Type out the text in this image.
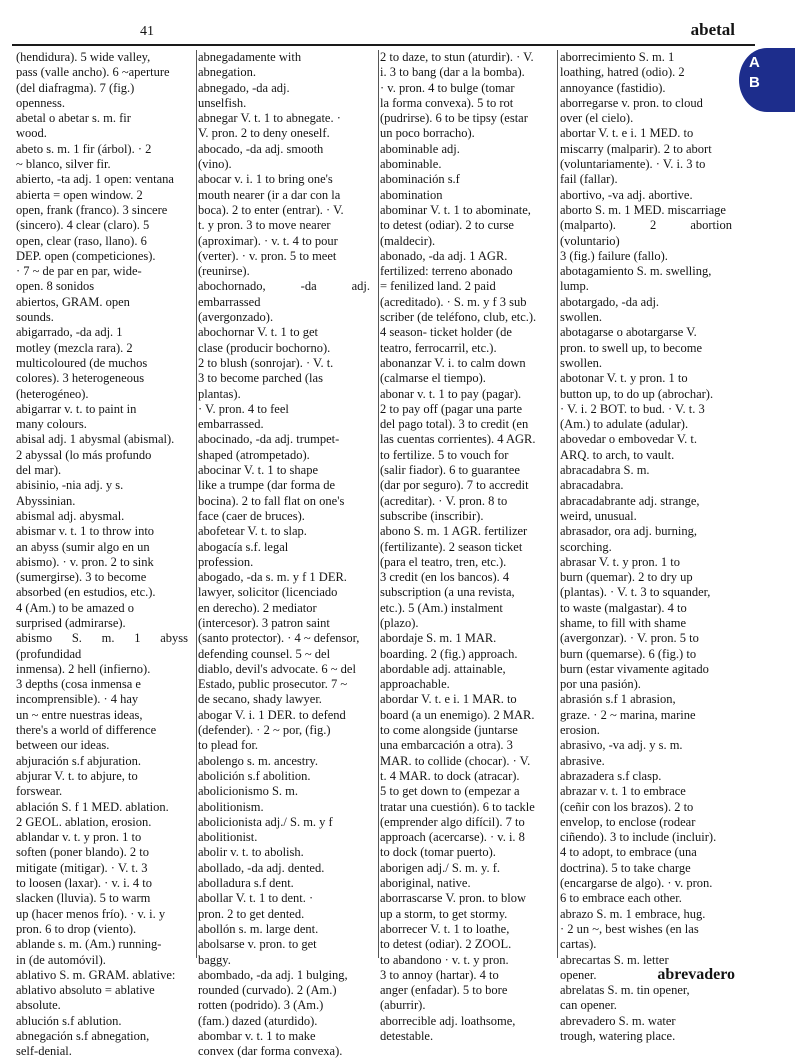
41	abetal
A
B
(hendidura). 5 wide valley,
pass (valle ancho). 6 ~aperture
(del diafragma). 7 (fig.)
openness.
abetal o abetar s. m. fir
wood.
abeto s. m. 1 fir (árbol). · 2
~ blanco, silver fir.
abierto, -ta adj. 1 open: ventana
abierta = open window. 2
open, frank (franco). 3 sincere
(sincero). 4 clear (claro). 5
open, clear (raso, llano). 6
DEP. open (competiciones).
· 7 ~ de par en par, wide-
open. 8 sonidos
abiertos, GRAM. open
sounds.
abigarrado, -da adj. 1
motley (mezcla rara). 2
multicoloured (de muchos
colores). 3 heterogeneous
(heterogéneo).
abigarrar v. t. to paint in
many colours.
abisal adj. 1 abysmal (abismal).
2 abyssal (lo más profundo
del mar).
abisinio, -nia adj. y s.
Abyssinian.
abismal adj. abysmal.
abismar v. t. 1 to throw into
an abyss (sumir algo en un
abismo). · v. pron. 2 to sink
(sumergirse). 3 to become
absorbed (en estudios, etc.).
4 (Am.) to be amazed o
surprised (admirarse).
abismo S. m. 1 abyss (profundidad
inmensa). 2 hell (infierno).
3 depths (cosa inmensa e
incomprensible). · 4 hay
un ~ entre nuestras ideas,
there's a world of difference
between our ideas.
abjuración s.f abjuration.
abjurar V. t. to abjure, to
forswear.
ablación S. f 1 MED. ablation.
2 GEOL. ablation, erosion.
ablandar v. t. y pron. 1 to
soften (poner blando). 2 to
mitigate (mitigar). · V. t. 3
to loosen (laxar). · v. i. 4 to
slacken (lluvia). 5 to warm
up (hacer menos frío). · v. i. y
pron. 6 to drop (viento).
ablande s. m. (Am.) running-
in (de automóvil).
ablativo S. m. GRAM. ablative:
ablativo absoluto = ablative
absolute.
ablución s.f ablution.
abnegación s.f abnegation,
self-denial.
abnegadamente with
abnegation.
abnegado, -da adj.
unselfish.
abnegar V. t. 1 to abnegate. ·
V. pron. 2 to deny oneself.
abocado, -da adj. smooth
(vino).
abocar v. i. 1 to bring one's
mouth nearer (ir a dar con la
boca). 2 to enter (entrar). · V.
t. y pron. 3 to move nearer
(aproximar). · v. t. 4 to pour
(verter). · v. pron. 5 to meet
(reunirse).
abochornado, -da adj. embarrassed
(avergonzado).
abochornar V. t. 1 to get
clase (producir bochorno).
2 to blush (sonrojar). · V. t.
3 to become parched (las
plantas).
· V. pron. 4 to feel
embarrassed.
abocinado, -da adj. trumpet-
shaped (atrompetado).
abocinar V. t. 1 to shape
like a trumpe (dar forma de
bocina). 2 to fall flat on one's
face (caer de bruces).
abofetear V. t. to slap.
abogacía s.f. legal
profession.
abogado, -da s. m. y f 1 DER.
lawyer, solicitor (licenciado
en derecho). 2 mediator
(intercesor). 3 patron saint
(santo protector). · 4 ~ defensor,
defending counsel. 5 ~ del
diablo, devil's advocate. 6 ~ del
Estado, public prosecutor. 7 ~
de secano, shady lawyer.
abogar V. i. 1 DER. to defend
(defender). · 2 ~ por, (fig.)
to plead for.
abolengo s. m. ancestry.
abolición s.f abolition.
abolicionismo S. m.
abolitionism.
abolicionista adj./ S. m. y f
abolitionist.
abolir v. t. to abolish.
abollado, -da adj. dented.
abolladura s.f dent.
abollar V. t. 1 to dent. ·
pron. 2 to get dented.
abollón s. m. large dent.
abolsarse v. pron. to get
baggy.
abombado, -da adj. 1 bulging,
rounded (curvado). 2 (Am.)
rotten (podrido). 3 (Am.)
(fam.) dazed (aturdido).
abombar v. t. 1 to make
convex (dar forma convexa).
2 to daze, to stun (aturdir). · V.
i. 3 to bang (dar a la bomba).
· v. pron. 4 to bulge (tomar
la forma convexa). 5 to rot
(pudrirse). 6 to be tipsy (estar
un poco borracho).
abominable adj.
abominable.
abominación s.f
abomination
abominar V. t. 1 to abominate,
to detest (odiar). 2 to curse
(maldecir).
abonado, -da adj. 1 AGR.
fertilized: terreno abonado
= fenilized land. 2 paid
(acreditado). · S. m. y f 3 sub
scriber (de teléfono, club, etc.).
4 season- ticket holder (de
teatro, ferrocarril, etc.).
abonanzar V. i. to calm down
(calmarse el tiempo).
abonar v. t. 1 to pay (pagar).
2 to pay off (pagar una parte
del pago total). 3 to credit (en
las cuentas corrientes). 4 AGR.
to fertilize. 5 to vouch for
(salir fiador). 6 to guarantee
(dar por seguro). 7 to accredit
(acreditar). · V. pron. 8 to
subscribe (inscribir).
abono S. m. 1 AGR. fertilizer
(fertilizante). 2 season ticket
(para el teatro, tren, etc.).
3 credit (en los bancos). 4
subscription (a una revista,
etc.). 5 (Am.) instalment
(plazo).
abordaje S. m. 1 MAR.
boarding. 2 (fig.) approach.
abordable adj. attainable,
approachable.
abordar V. t. e i. 1 MAR. to
board (a un enemigo). 2 MAR.
to come alongside (juntarse
una embarcación a otra). 3
MAR. to collide (chocar). · V.
t. 4 MAR. to dock (atracar).
5 to get down to (empezar a
tratar una cuestión). 6 to tackle
(emprender algo difícil). 7 to
approach (acercarse). · v. i. 8
to dock (tomar puerto).
aborigen adj./ S. m. y. f.
aboriginal, native.
aborrascarse V. pron. to blow
up a storm, to get stormy.
aborrecer V. t. 1 to loathe,
to detest (odiar). 2 ZOOL.
to abandono · v. t. y pron.
3 to annoy (hartar). 4 to
anger (enfadar). 5 to bore
(aburrir).
aborrecible adj. loathsome,
detestable.
aborrecimiento S. m. 1
loathing, hatred (odio). 2
annoyance (fastidio).
aborregarse v. pron. to cloud
over (el cielo).
abortar V. t. e i. 1 MED. to
miscarry (malparir). 2 to abort
(voluntariamente). · V. i. 3 to
fail (fallar).
abortivo, -va adj. abortive.
aborto S. m. 1 MED. miscarriage
(malparto). 2 abortion (voluntario)
3 (fig.) failure (fallo).
abotagamiento S. m. swelling,
lump.
abotargado, -da adj.
swollen.
abotagarse o abotargarse V.
pron. to swell up, to become
swollen.
abotonar V. t. y pron. 1 to
button up, to do up (abrochar).
· V. i. 2 BOT. to bud. · V. t. 3
(Am.) to adulate (adular).
abovedar o embovedar V. t.
ARQ. to arch, to vault.
abracadabra S. m.
abracadabra.
abracadabrante adj. strange,
weird, unusual.
abrasador, ora adj. burning,
scorching.
abrasar V. t. y pron. 1 to
burn (quemar). 2 to dry up
(plantas). · V. t. 3 to squander,
to waste (malgastar). 4 to
shame, to fill with shame
(avergonzar). · V. pron. 5 to
burn (quemarse). 6 (fig.) to
burn (estar vivamente agitado
por una pasión).
abrasión s.f 1 abrasion,
graze. · 2 ~ marina, marine
erosion.
abrasivo, -va adj. y s. m.
abrasive.
abrazadera s.f clasp.
abrazar v. t. 1 to embrace
(ceñir con los brazos). 2 to
envelop, to enclose (rodear
ciñendo). 3 to include (incluir).
4 to adopt, to embrace (una
doctrina). 5 to take charge
(encargarse de algo). · v. pron.
6 to embrace each other.
abrazo S. m. 1 embrace, hug.
· 2 un ~, best wishes (en las
cartas).
abrecartas S. m. letter
opener.
abrelatas S. m. tin opener,
can opener.
abrevadero S. m. water
trough, watering place.
abrevadero
